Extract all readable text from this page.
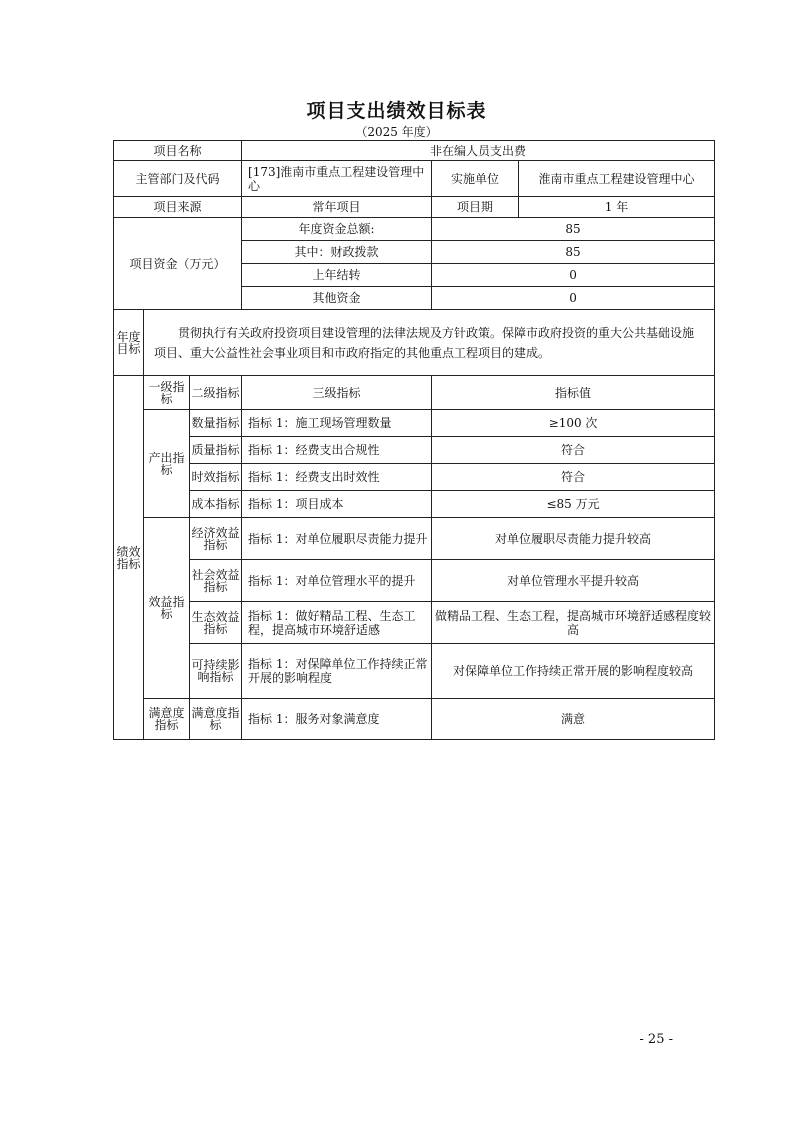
项目支出绩效目标表
（2025 年度）
项目名称			非在编人员支出费		
主管部门及代码			[173]淮南市重点工程建设管理中心	实施单位	淮南市重点工程建设管理中心
项目来源			常年项目	项目期	1 年
项目资金（万元）			年度资金总额:	85	
			其中：财政拨款	85	
			上年结转	0	
			其他资金	0	
年度目标	贯彻执行有关政府投资项目建设管理的法律法规及方针政策。保障市政府投资的重大公共基础设施项目、重大公益性社会事业项目和市政府指定的其他重点工程项目的建成。				
绩效指标	一级指标	二级指标	三级指标	指标值	
	产出指标	数量指标	指标 1：施工现场管理数量	≥100 次	
		质量指标	指标 1：经费支出合规性	符合	
		时效指标	指标 1：经费支出时效性	符合	
		成本指标	指标 1：项目成本	≤85 万元	
	效益指标	经济效益指标	指标 1：对单位履职尽责能力提升	对单位履职尽责能力提升较高	
		社会效益指标	指标 1：对单位管理水平的提升	对单位管理水平提升较高	
		生态效益指标	指标 1：做好精品工程、生态工程，提高城市环境舒适感	做精品工程、生态工程，提高城市环境舒适感程度较高	
		可持续影响指标	指标 1：对保障单位工作持续正常开展的影响程度	对保障单位工作持续正常开展的影响程度较高	
	满意度指标	满意度指标	指标 1：服务对象满意度	满意	
- 25 -
